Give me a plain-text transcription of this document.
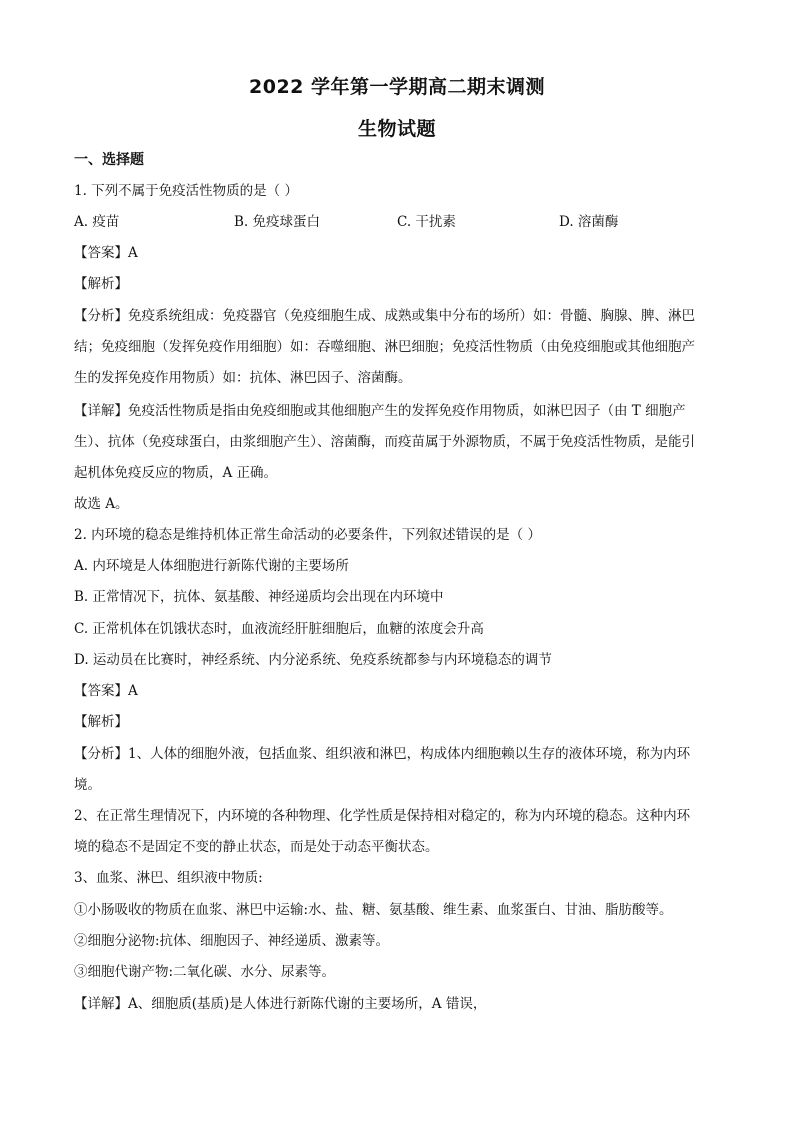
2022 学年第一学期高二期末调测
生物试题
一、选择题
1. 下列不属于免疫活性物质的是（ ）
A. 疫苗	B. 免疫球蛋白	C. 干扰素	D. 溶菌酶
【答案】A
【解析】
【分析】免疫系统组成：免疫器官（免疫细胞生成、成熟或集中分布的场所）如：骨髓、胸腺、脾、淋巴
结；免疫细胞（发挥免疫作用细胞）如：吞噬细胞、淋巴细胞；免疫活性物质（由免疫细胞或其他细胞产
生的发挥免疫作用物质）如：抗体、淋巴因子、溶菌酶。
【详解】免疫活性物质是指由免疫细胞或其他细胞产生的发挥免疫作用物质，如淋巴因子（由 T 细胞产
生）、抗体（免疫球蛋白，由浆细胞产生）、溶菌酶，而疫苗属于外源物质，不属于免疫活性物质，是能引
起机体免疫反应的物质，A 正确。
故选 A。
2. 内环境的稳态是维持机体正常生命活动的必要条件，下列叙述错误的是（ ）
A. 内环境是人体细胞进行新陈代谢的主要场所
B. 正常情况下，抗体、氨基酸、神经递质均会出现在内环境中
C. 正常机体在饥饿状态时，血液流经肝脏细胞后，血糖的浓度会升高
D. 运动员在比赛时，神经系统、内分泌系统、免疫系统都参与内环境稳态的调节
【答案】A
【解析】
【分析】1、人体的细胞外液，包括血浆、组织液和淋巴，构成体内细胞赖以生存的液体环境，称为内环
境。
2、在正常生理情况下，内环境的各种物理、化学性质是保持相对稳定的，称为内环境的稳态。这种内环
境的稳态不是固定不变的静止状态，而是处于动态平衡状态。
3、血浆、淋巴、组织液中物质:
①小肠吸收的物质在血浆、淋巴中运输:水、盐、糖、氨基酸、维生素、血浆蛋白、甘油、脂肪酸等。
②细胞分泌物:抗体、细胞因子、神经递质、激素等。
③细胞代谢产物:二氧化碳、水分、尿素等。
【详解】A、细胞质(基质)是人体进行新陈代谢的主要场所，A 错误，
